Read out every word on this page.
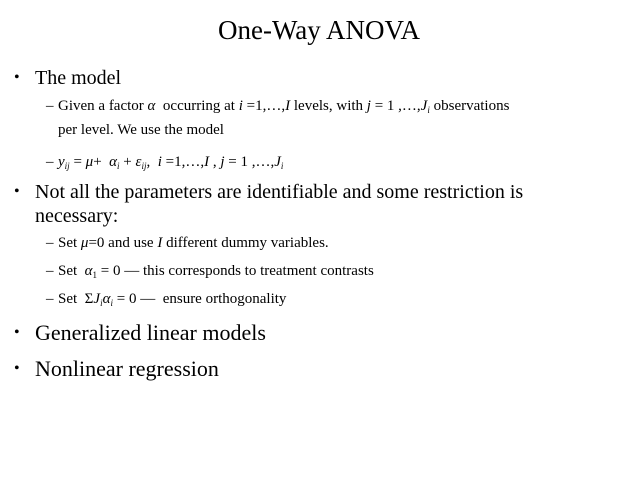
One-Way ANOVA
• The model
– Given a factor α  occurring at i =1,…,I levels, with j = 1 $,\dots,J_i$ observations
per level. We use the model
– $y_{ij} = \mu+ \alpha_i + \varepsilon_{ij}$,  i =1,…,I , j = 1 $,\dots,J_i$
• Not all the parameters are identifiable and some restriction is
necessary:
– Set μ=0 and use I different dummy variables.
– Set  $\alpha_1 = 0$ — this corresponds to treatment contrasts
– Set  $\Sigma J_i\alpha_i = 0$ —  ensure orthogonality
• Generalized linear models
• Nonlinear regression
